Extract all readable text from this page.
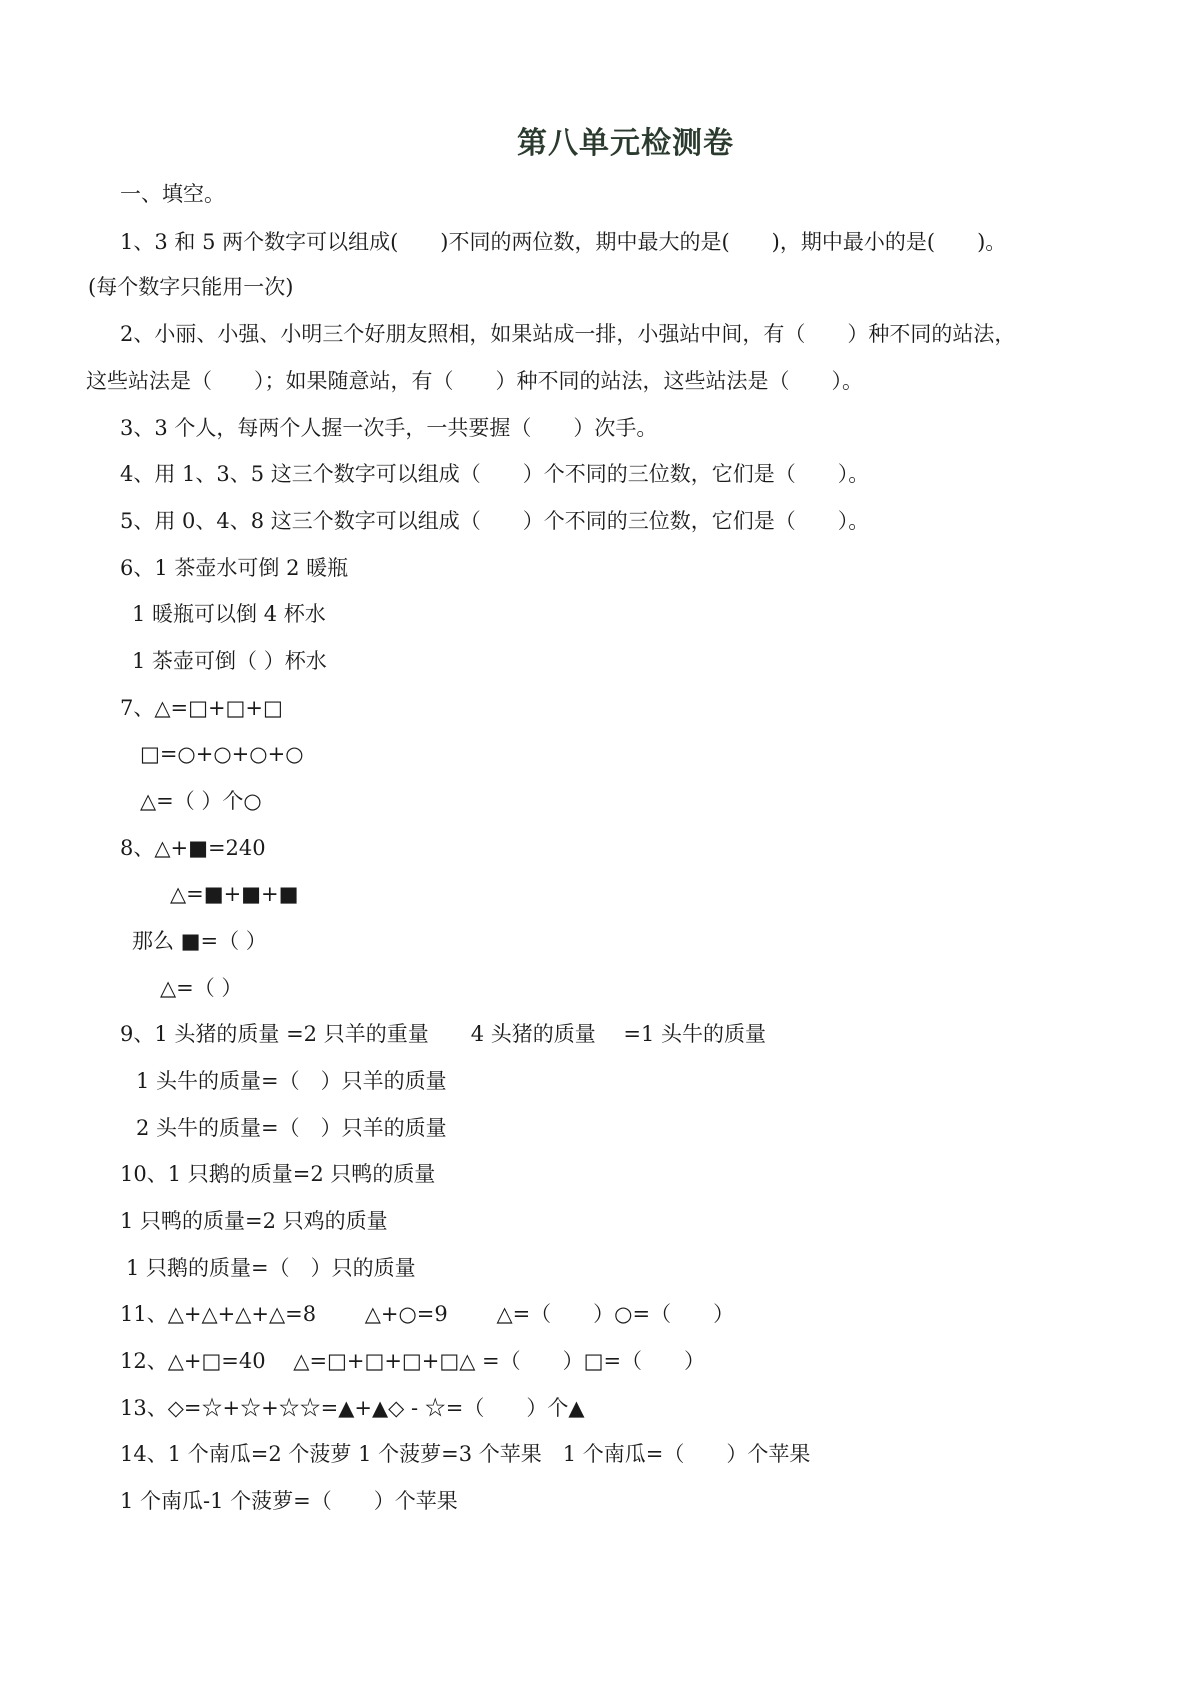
第八单元检测卷
一、填空。
1、3 和 5 两个数字可以组成(　　)不同的两位数，期中最大的是(　　)，期中最小的是(　　)。
(每个数字只能用一次)
2、小丽、小强、小明三个好朋友照相，如果站成一排，小强站中间，有（　　）种不同的站法，
这些站法是（　　）；如果随意站，有（　　）种不同的站法，这些站法是（　　）。
3、3 个人，每两个人握一次手，一共要握（　　）次手。
4、用 1、3、5 这三个数字可以组成（　　）个不同的三位数，它们是（　　）。
5、用 0、4、8 这三个数字可以组成（　　）个不同的三位数，它们是（　　）。
6、1 茶壶水可倒 2 暖瓶
1 暖瓶可以倒 4 杯水
1 茶壶可倒（ ）杯水
7、△=□+□+□
□=○+○+○+○
△=（ ）个○
8、△+■=240
△=■+■+■
那么 ■=（ ）
△=（ ）
9、1 头猪的质量 =2 只羊的重量　　4 头猪的质量　 =1 头牛的质量
1 头牛的质量=（　）只羊的质量
2 头牛的质量=（　）只羊的质量
10、1 只鹅的质量=2 只鸭的质量
1 只鸭的质量=2 只鸡的质量
1 只鹅的质量=（　）只的质量
11、△+△+△+△=8　　 △+○=9　　 △=（　　）○=（　　）
12、△+□=40　 △=□+□+□+□△ =（　　）□=（　　）
13、◇=☆+☆+☆☆=▲+▲◇ - ☆=（　　）个▲
14、1 个南瓜=2 个菠萝 1 个菠萝=3 个苹果　1 个南瓜=（　　）个苹果
1 个南瓜-1 个菠萝=（　　）个苹果
